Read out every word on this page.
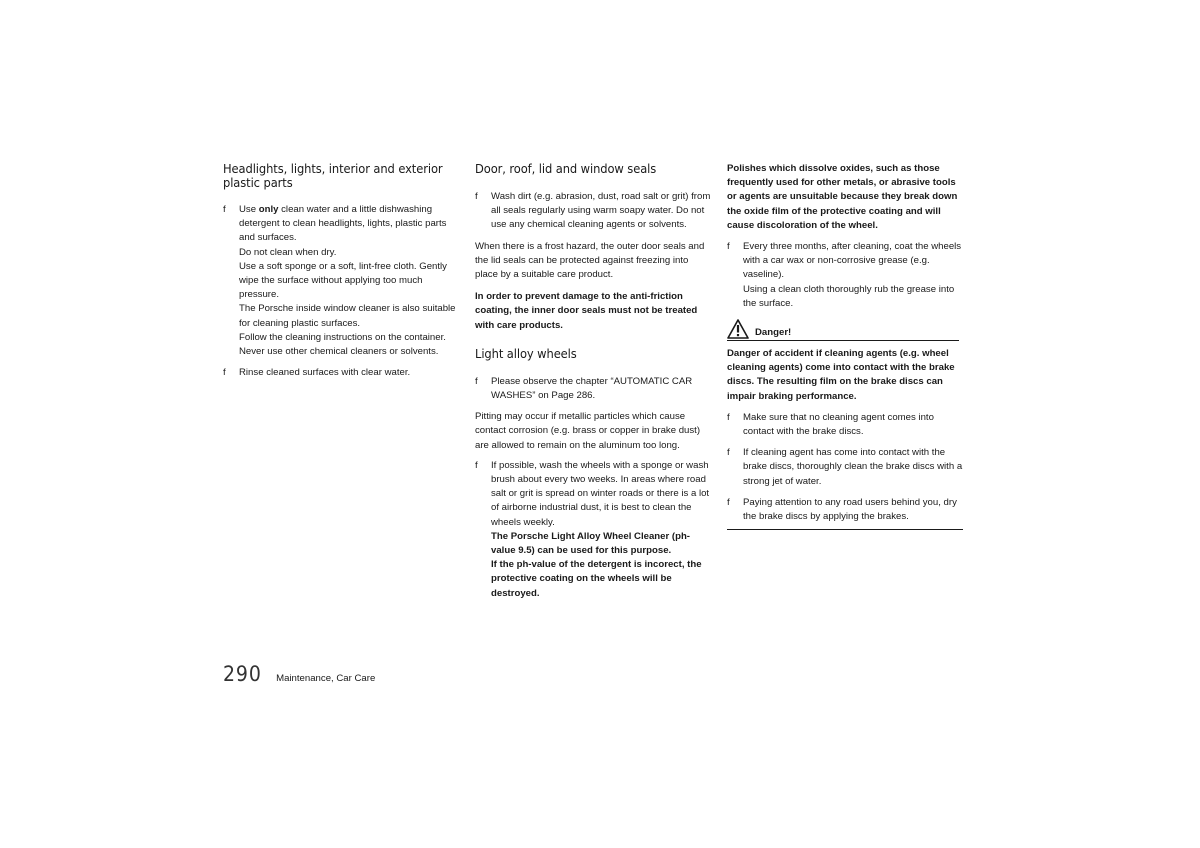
Headlights, lights, interior and exterior plastic parts
f Use only clean water and a little dishwashing detergent to clean headlights, lights, plastic parts and surfaces.
Do not clean when dry.
Use a soft sponge or a soft, lint-free cloth. Gently wipe the surface without applying too much pressure.
The Porsche inside window cleaner is also suitable for cleaning plastic surfaces.
Follow the cleaning instructions on the container.
Never use other chemical cleaners or solvents.
f Rinse cleaned surfaces with clear water.
Door, roof, lid and window seals
f Wash dirt (e.g. abrasion, dust, road salt or grit) from all seals regularly using warm soapy water. Do not use any chemical cleaning agents or solvents.

When there is a frost hazard, the outer door seals and the lid seals can be protected against freezing into place by a suitable care product.

In order to prevent damage to the anti-friction coating, the inner door seals must not be treated with care products.

Light alloy wheels
f Please observe the chapter “AUTOMATIC CAR WASHES” on Page 286.

Pitting may occur if metallic particles which cause contact corrosion (e.g. brass or copper in brake dust) are allowed to remain on the aluminum too long.

f If possible, wash the wheels with a sponge or wash brush about every two weeks. In areas where road salt or grit is spread on winter roads or there is a lot of airborne industrial dust, it is best to clean the wheels weekly.
The Porsche Light Alloy Wheel Cleaner (ph-value 9.5) can be used for this purpose.
If the ph-value of the detergent is incorect, the protective coating on the wheels will be destroyed.

Polishes which dissolve oxides, such as those frequently used for other metals, or abrasive tools or agents are unsuitable because they break down the oxide film of the protective coating and will cause discoloration of the wheel.

f Every three months, after cleaning, coat the wheels with a car wax or non-corrosive grease (e.g. vaseline).
Using a clean cloth thoroughly rub the grease into the surface.
Danger!

Danger of accident if cleaning agents (e.g. wheel cleaning agents) come into contact with the brake discs. The resulting film on the brake discs can impair braking performance.

f Make sure that no cleaning agent comes into contact with the brake discs.
f If cleaning agent has come into contact with the brake discs, thoroughly clean the brake discs with a strong jet of water.
f Paying attention to any road users behind you, dry the brake discs by applying the brakes.
290 Maintenance, Car Care
